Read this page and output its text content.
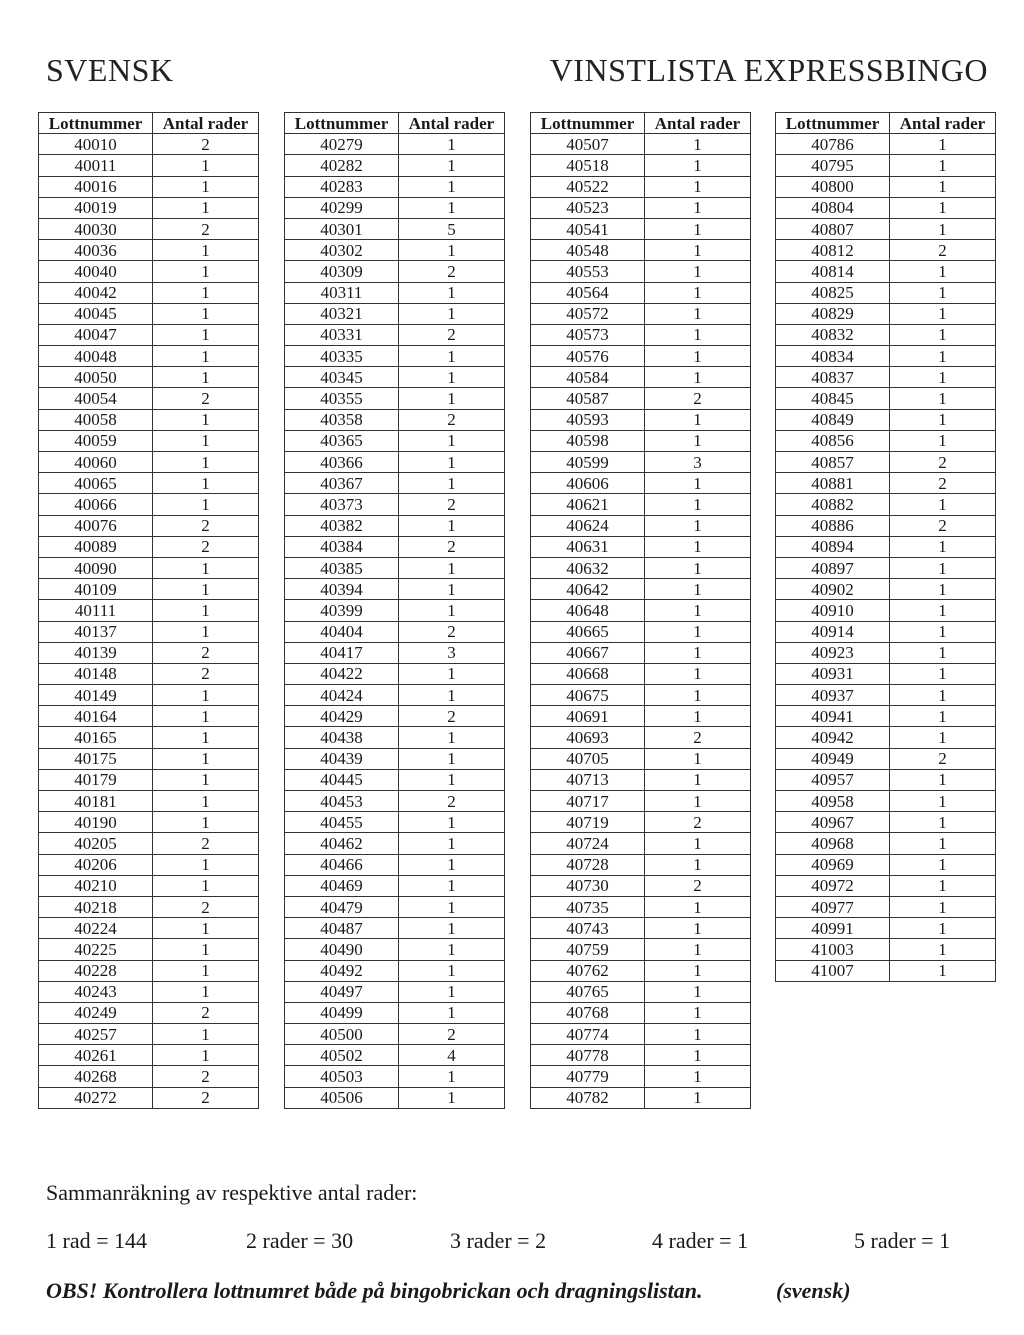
SVENSK	VINSTLISTA EXPRESSBINGO
Lottnummer	Antal rader
40010	2
40011	1
40016	1
40019	1
40030	2
40036	1
40040	1
40042	1
40045	1
40047	1
40048	1
40050	1
40054	2
40058	1
40059	1
40060	1
40065	1
40066	1
40076	2
40089	2
40090	1
40109	1
40111	1
40137	1
40139	2
40148	2
40149	1
40164	1
40165	1
40175	1
40179	1
40181	1
40190	1
40205	2
40206	1
40210	1
40218	2
40224	1
40225	1
40228	1
40243	1
40249	2
40257	1
40261	1
40268	2
40272	2
Lottnummer	Antal rader
40279	1
40282	1
40283	1
40299	1
40301	5
40302	1
40309	2
40311	1
40321	1
40331	2
40335	1
40345	1
40355	1
40358	2
40365	1
40366	1
40367	1
40373	2
40382	1
40384	2
40385	1
40394	1
40399	1
40404	2
40417	3
40422	1
40424	1
40429	2
40438	1
40439	1
40445	1
40453	2
40455	1
40462	1
40466	1
40469	1
40479	1
40487	1
40490	1
40492	1
40497	1
40499	1
40500	2
40502	4
40503	1
40506	1
Lottnummer	Antal rader
40507	1
40518	1
40522	1
40523	1
40541	1
40548	1
40553	1
40564	1
40572	1
40573	1
40576	1
40584	1
40587	2
40593	1
40598	1
40599	3
40606	1
40621	1
40624	1
40631	1
40632	1
40642	1
40648	1
40665	1
40667	1
40668	1
40675	1
40691	1
40693	2
40705	1
40713	1
40717	1
40719	2
40724	1
40728	1
40730	2
40735	1
40743	1
40759	1
40762	1
40765	1
40768	1
40774	1
40778	1
40779	1
40782	1
Lottnummer	Antal rader
40786	1
40795	1
40800	1
40804	1
40807	1
40812	2
40814	1
40825	1
40829	1
40832	1
40834	1
40837	1
40845	1
40849	1
40856	1
40857	2
40881	2
40882	1
40886	2
40894	1
40897	1
40902	1
40910	1
40914	1
40923	1
40931	1
40937	1
40941	1
40942	1
40949	2
40957	1
40958	1
40967	1
40968	1
40969	1
40972	1
40977	1
40991	1
41003	1
41007	1
Sammanräkning av respektive antal rader:
1 rad = 144	2 rader = 30	3 rader = 2	4 rader = 1	5 rader = 1
OBS! Kontrollera lottnumret både på bingobrickan och dragningslistan.	(svensk)
